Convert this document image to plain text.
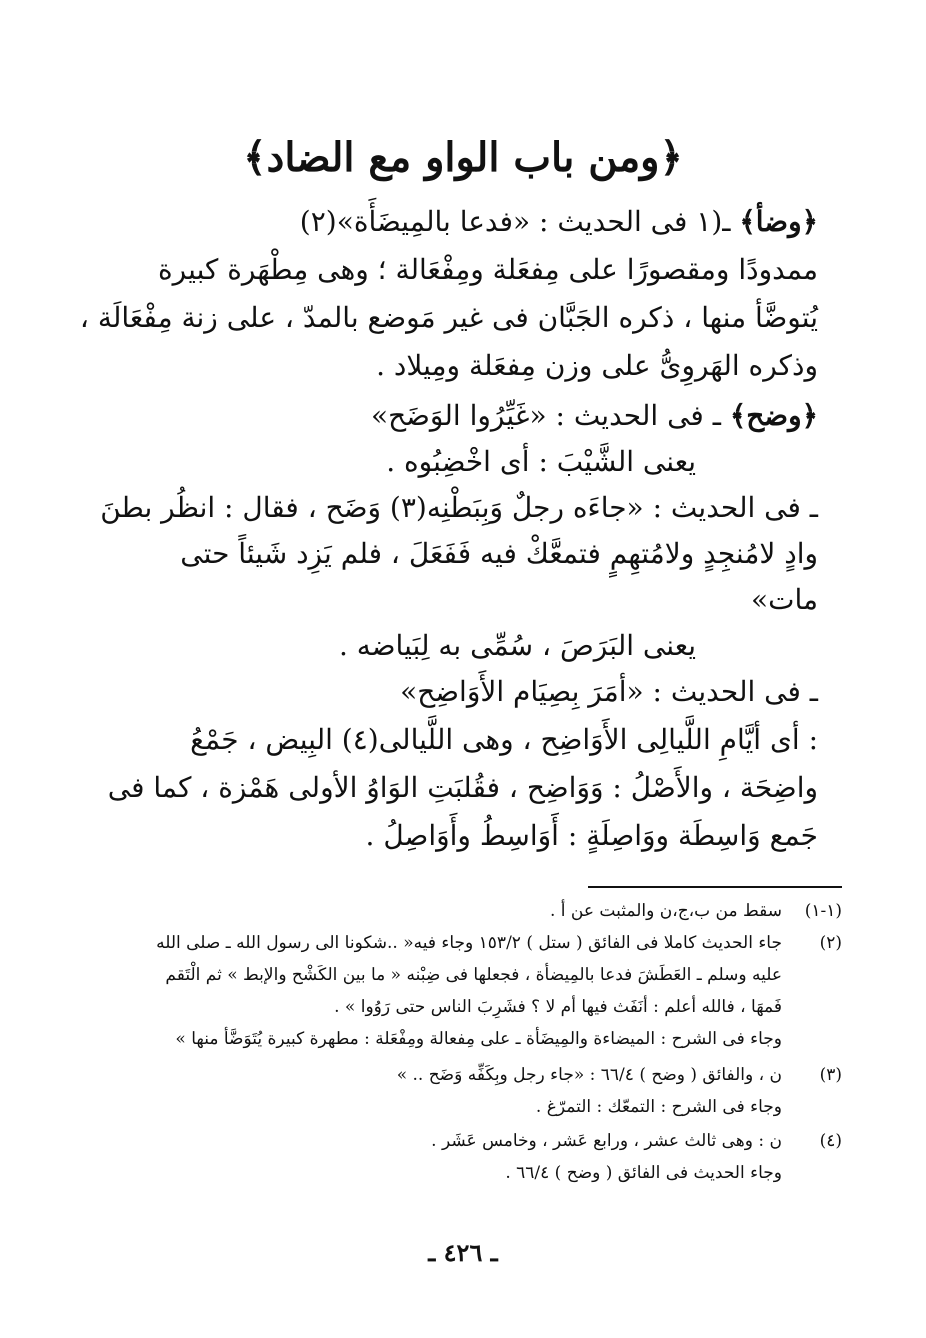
﴿ومن باب الواو مع الضاد﴾
﴿وضأ﴾ ـ(١ فى الحديث : «فدعا بالمِيضَأَة»(٢)
ممدودًا ومقصورًا على مِفعَلة ومِفْعَالة ؛ وهى مِطْهَرة كبيرة
يُتوضَّأ منها ، ذكره الجَبَّان فى غير مَوضع بالمدّ ، على زنة مِفْعَالَة ،
وذكره الهَروِىُّ على وزن مِفعَلة ومِيلاد .
﴿وضح﴾ ـ فى الحديث : «غَيِّرُوا الوَضَح»
يعنى الشَّيْبَ : أى اخْضِبُوه .
ـ فى الحديث : «جاءَه رجلٌ وَبِبَطْنِه(٣) وَضَح ، فقال : انظُر بطنَ
وادٍ لامُنجِدٍ ولامُتهِمٍ فتمعَّكْ فيه فَفَعَلَ ، فلم يَزِد شَيئاً حتى
مات»
يعنى البَرَصَ ، سُمِّى به لِبَياضه .
ـ فى الحديث : «أمَرَ بِصِيَام الأَوَاضِح»
: أى أيَّامِ اللَّيالِى الأَوَاضِح ، وهى اللَّيالى(٤) البِيض ، جَمْعُ
واضِحَة ، والأَصْلُ : وَوَاضِح ، فقُلبَتِ الوَاوُ الأولى هَمْزة ، كما فى
جَمع وَاسِطَة ووَاصِلَةٍ : أَوَاسِطُ وأَوَاصِلُ .
(١-١)سقط من ب،ج،ن والمثبت عن أ .
(٢)جاء الحديث كاملا فى الفائق ( ستل ) ١٥٣/٢ وجاء فيه« ..شكونا الى رسول الله ـ صلى الله
عليه وسلم ـ العَطَشَ فدعا بالمِيضأة ، فجعلها فى ضِبْنه « ما بين الكَشْح والإبط » ثم الْتَقم
فَمهَا ، فالله أعلم : أنَفَث فيها أم لا ؟ فشَرِبَ الناس حتى رَوُوا » .
وجاء فى الشرح : الميضاءة والمِيضَأة ـ على مِفعالة ومِفْعَلة : مطهرة كبيرة يُتَوَضَّأ منها »
(٣)ن ، والفائق ( وضح ) ٦٦/٤ : «جاء رجل وبِكَفِّه وَضَح .. »
وجاء فى الشرح : التمعّك : التمرّغ .
(٤)ن : وهى ثالث عشر ، ورابع عَشر ، وخامس عَشَر .
وجاء الحديث فى الفائق ( وضح ) ٦٦/٤ .
ـ ٤٢٦ ـ
